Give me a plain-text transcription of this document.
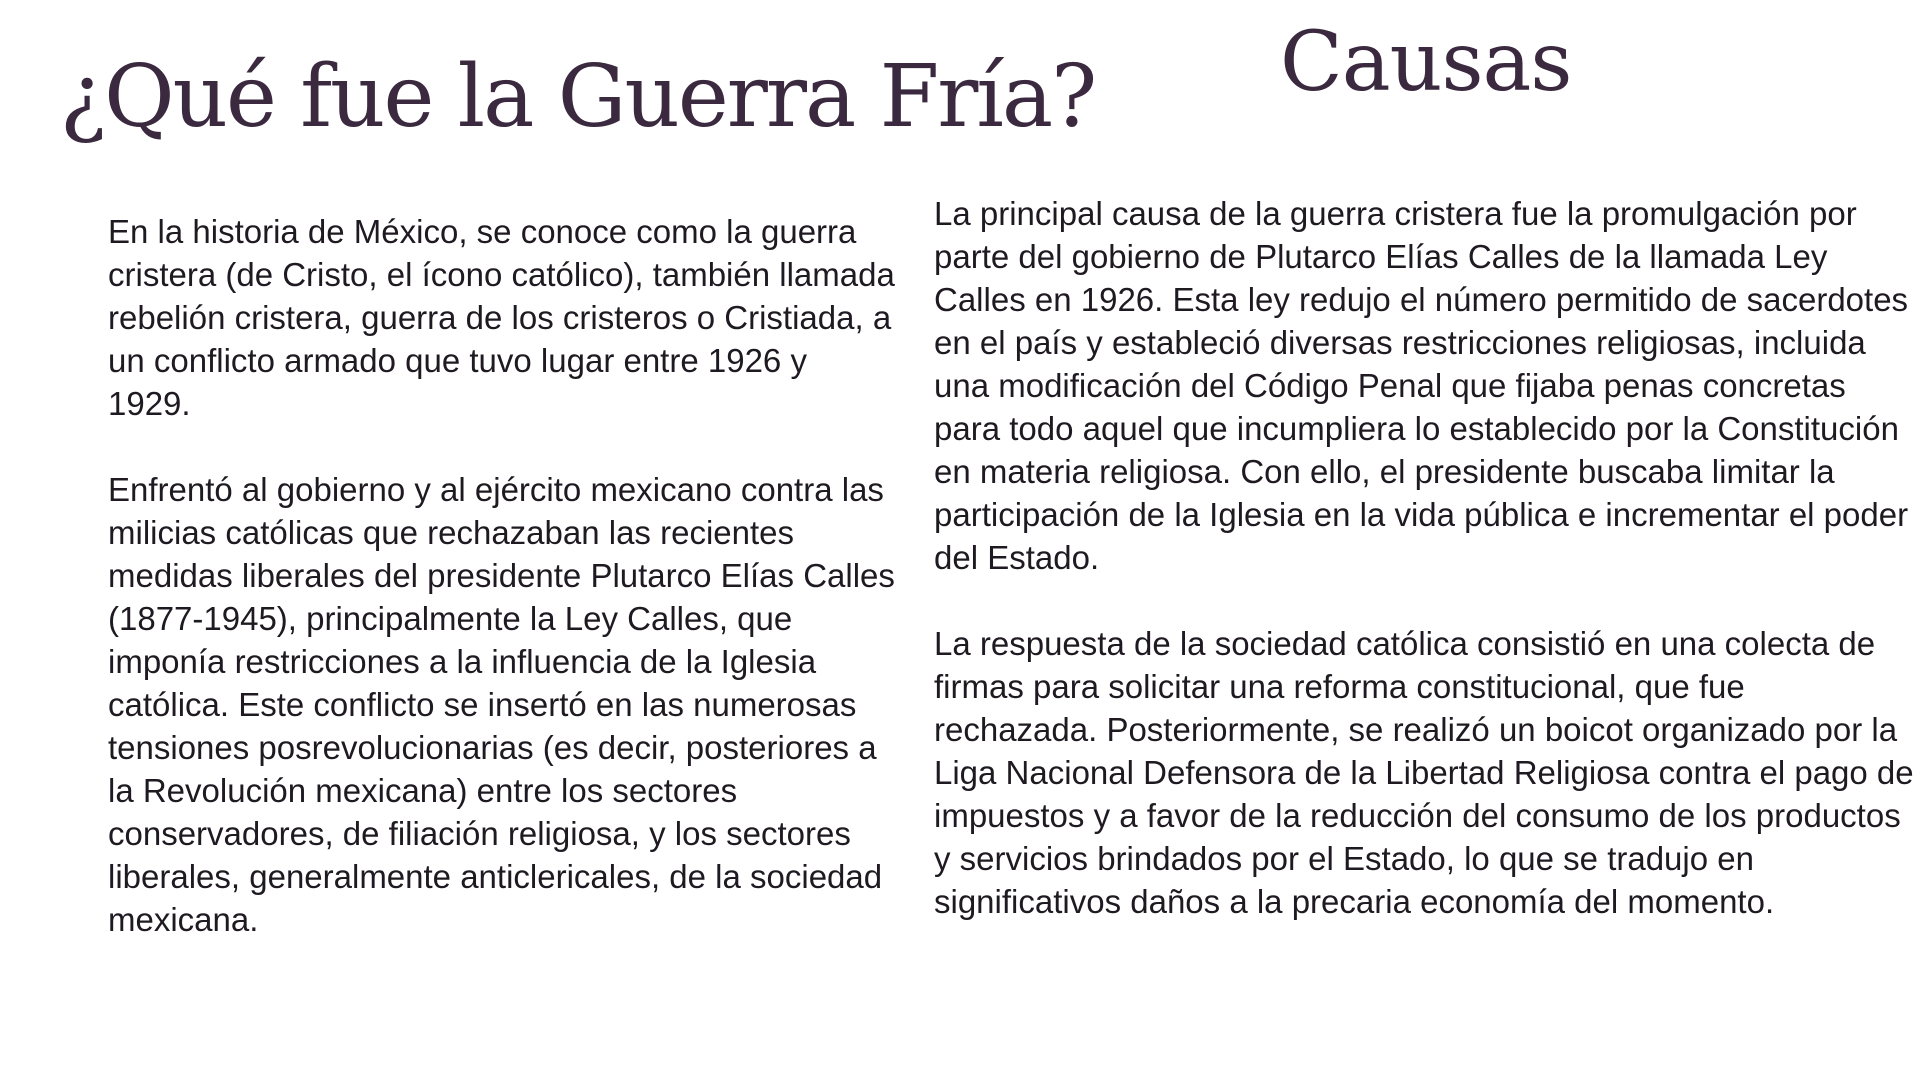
¿Qué fue la Guerra Fría? Causas

En la historia de México, se conoce como la guerra cristera (de Cristo, el ícono católico), también llamada rebelión cristera, guerra de los cristeros o Cristiada, a un conflicto armado que tuvo lugar entre 1926 y 1929.

Enfrentó al gobierno y al ejército mexicano contra las milicias católicas que rechazaban las recientes medidas liberales del presidente Plutarco Elías Calles (1877-1945), principalmente la Ley Calles, que imponía restricciones a la influencia de la Iglesia católica. Este conflicto se insertó en las numerosas tensiones posrevolucionarias (es decir, posteriores a la Revolución mexicana) entre los sectores conservadores, de filiación religiosa, y los sectores liberales, generalmente anticlericales, de la sociedad mexicana.

La principal causa de la guerra cristera fue la promulgación por parte del gobierno de Plutarco Elías Calles de la llamada Ley Calles en 1926. Esta ley redujo el número permitido de sacerdotes en el país y estableció diversas restricciones religiosas, incluida una modificación del Código Penal que fijaba penas concretas para todo aquel que incumpliera lo establecido por la Constitución en materia religiosa. Con ello, el presidente buscaba limitar la participación de la Iglesia en la vida pública e incrementar el poder del Estado.

La respuesta de la sociedad católica consistió en una colecta de firmas para solicitar una reforma constitucional, que fue rechazada. Posteriormente, se realizó un boicot organizado por la Liga Nacional Defensora de la Libertad Religiosa contra el pago de impuestos y a favor de la reducción del consumo de los productos y servicios brindados por el Estado, lo que se tradujo en significativos daños a la precaria economía del momento.
